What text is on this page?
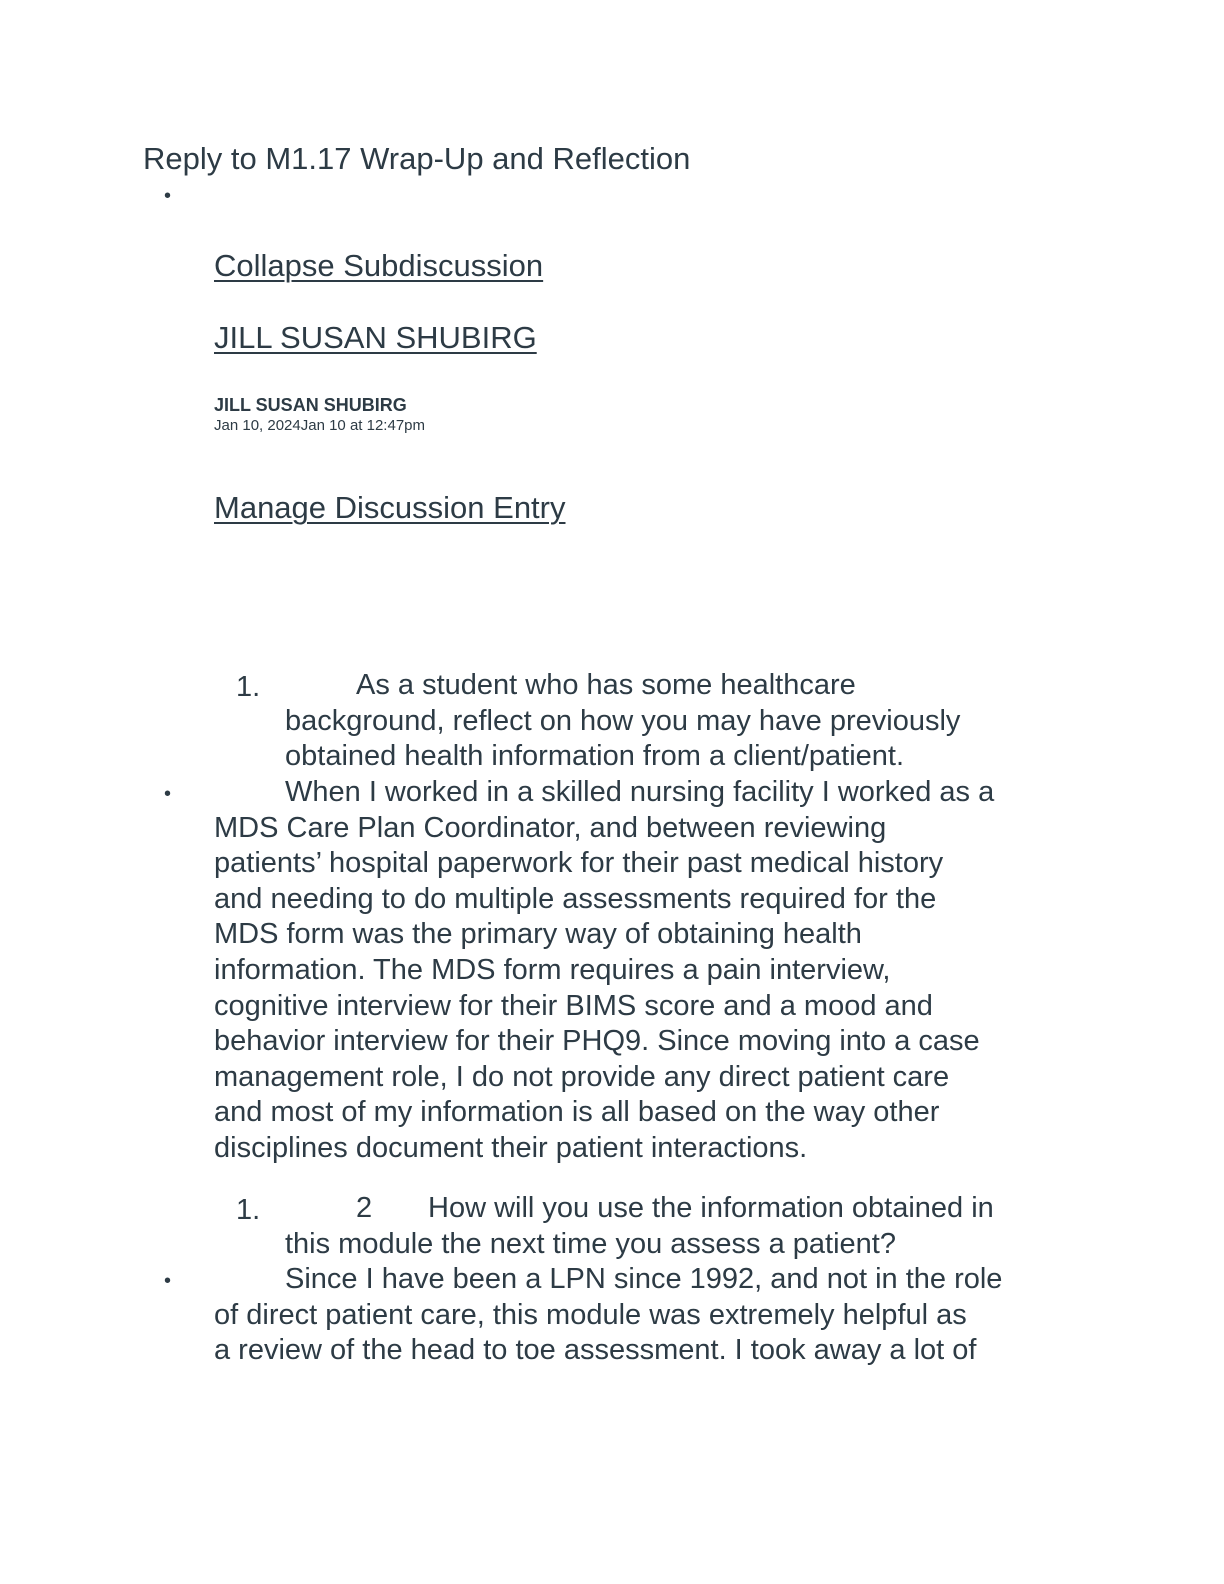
Reply to M1.17 Wrap-Up and Reflection
•
Collapse Subdiscussion
JILL SUSAN SHUBIRG
JILL SUSAN SHUBIRG
Jan 10, 2024Jan 10 at 12:47pm
Manage Discussion Entry
1.	As a student who has some healthcare
background, reflect on how you may have previously
obtained health information from a client/patient.
•	When I worked in a skilled nursing facility I worked as a
MDS Care Plan Coordinator, and between reviewing
patients’ hospital paperwork for their past medical history
and needing to do multiple assessments required for the
MDS form was the primary way of obtaining health
information. The MDS form requires a pain interview,
cognitive interview for their BIMS score and a mood and
behavior interview for their PHQ9. Since moving into a case
management role, I do not provide any direct patient care
and most of my information is all based on the way other
disciplines document their patient interactions.
1.	2	How will you use the information obtained in
this module the next time you assess a patient?
•	Since I have been a LPN since 1992, and not in the role
of direct patient care, this module was extremely helpful as
a review of the head to toe assessment. I took away a lot of
